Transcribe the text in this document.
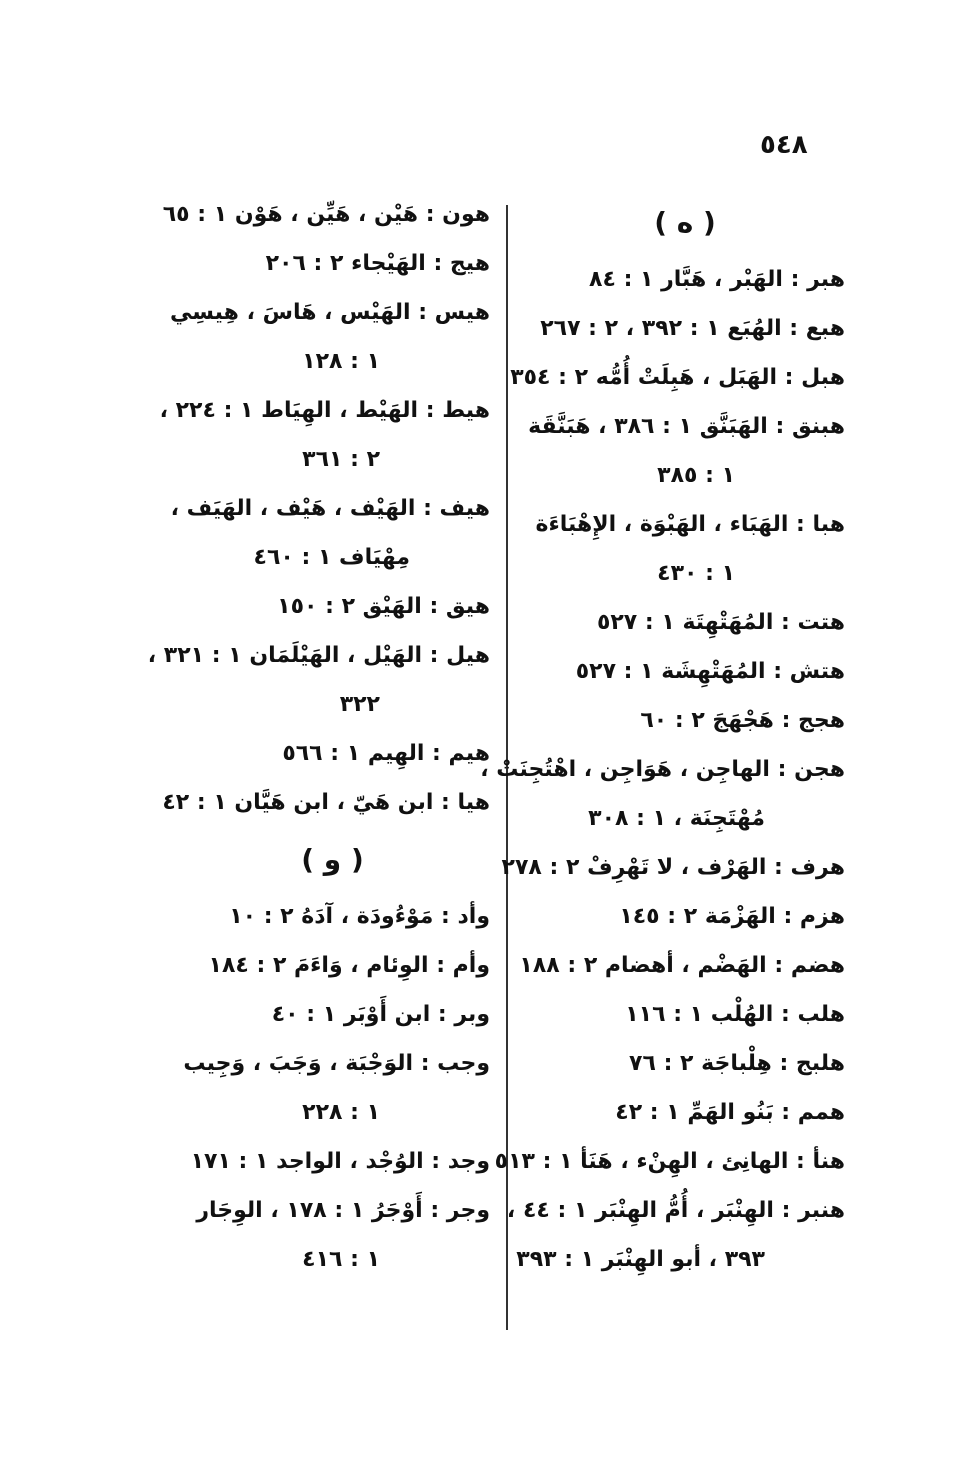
٥٤٨
( ه )
هبر : الهَبْر ، هَبَّار ١ : ٨٤
هبع : الهُبَع ١ : ٣٩٢ ، ٢ : ٢٦٧
هبل : الهَبَل ، هَبِلَتْ أُمُّه ٢ : ٣٥٤
هبنق : الهَبَنَّق ١ : ٣٨٦ ، هَبَنَّقَة
١ : ٣٨٥
هبا : الهَبَاء ، الهَبْوَة ، الإِهْبَاءَة
١ : ٤٣٠
هتت : المُهَتْهِتَة ١ : ٥٢٧
هتش : المُهَتْهِشَة ١ : ٥٢٧
هجج : هَجْهَجَ ٢ : ٦٠
هجن : الهاجِن ، هَوَاجِن ، اهْتُجِنَتْ ،
مُهْتَجِنَة ، ١ : ٣٠٨
هرف : الهَرْف ، لا تَهْرِفْ ٢ : ٢٧٨
هزم : الهَزْمَة ٢ : ١٤٥
هضم : الهَضْم ، أهضام ٢ : ١٨٨
هلب : الهُلْب ١ : ١١٦
هلبج : هِلْباجَة ٢ : ٧٦
همم : بَنُو الهَمِّ ١ : ٤٢
هنأ : الهانِئ ، الهِنْء ، هَنَأ ١ : ٥١٣
هنبر : الهِنْبَر ، أُمُّ الهِنْبَر ١ : ٤٤ ،
٣٩٣ ، أبو الهِنْبَر ١ : ٣٩٣
هون : هَيْن ، هَيِّن ، هَوْن ١ : ٦٥
هيج : الهَيْجاء ٢ : ٢٠٦
هيس : الهَيْس ، هَاسَ ، هِيسِي
١ : ١٢٨
هيط : الهَيْط ، الهِيَاط ١ : ٢٢٤ ،
٢ : ٣٦١
هيف : الهَيْف ، هَيْف ، الهَيَف ،
مِهْيَاف ١ : ٤٦٠
هيق : الهَيْق ٢ : ١٥٠
هيل : الهَيْل ، الهَيْلَمَان ١ : ٣٢١ ،
٣٢٢
هيم : الهِيم ١ : ٥٦٦
هيا : ابن هَيّ ، ابن هَيَّان ١ : ٤٢
( و )
وأد : مَوْءُودَة ، آدَهُ ٢ : ١٠
وأم : الوِئام ، وَاءَمَ ٢ : ١٨٤
وبر : ابن أَوْبَر ١ : ٤٠
وجب : الوَجْبَة ، وَجَبَ ، وَجِيب
١ : ٢٢٨
وجد : الوُجْد ، الواجد ١ : ١٧١
وجر : أَوْجَرُ ١ : ١٧٨ ، الوِجَار
١ : ٤١٦
